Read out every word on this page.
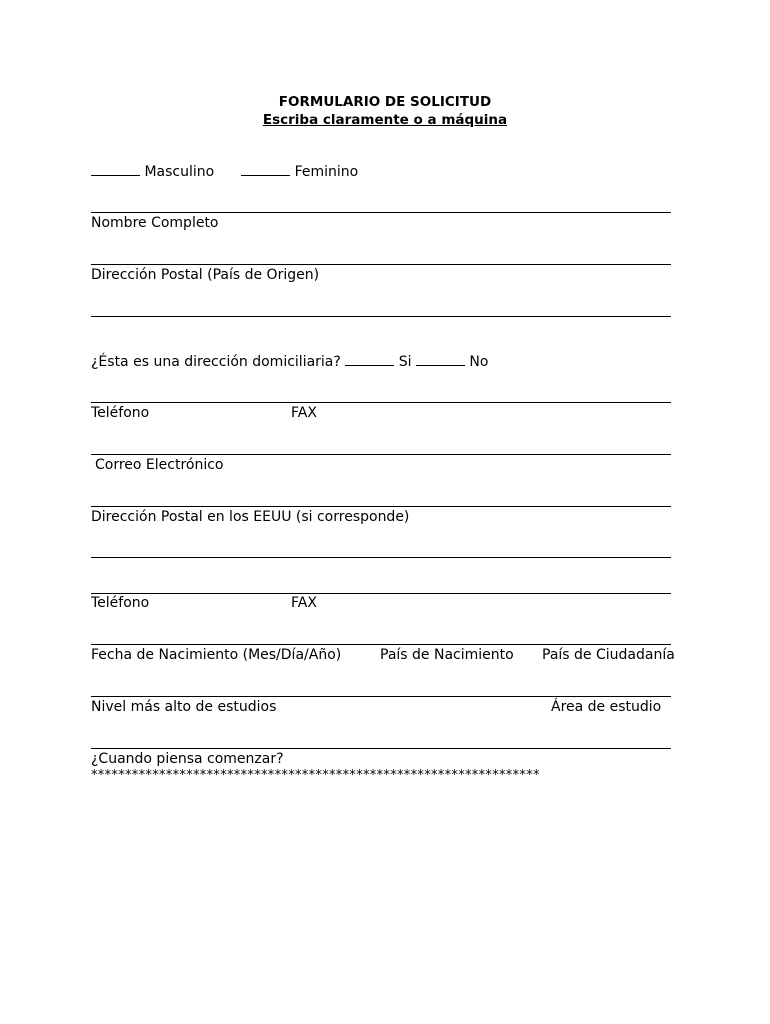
FORMULARIO DE SOLICITUD
Escriba claramente o a máquina
Masculino	Feminino
Nombre Completo
Dirección Postal (País de Origen)
¿Ésta es una dirección domiciliaria?	Si	No
Teléfono	FAX
Correo Electrónico
Dirección Postal en los EEUU (si corresponde)
Teléfono	FAX
Fecha de Nacimiento (Mes/Día/Año)	País de Nacimiento País de Ciudadanía
Nivel más alto de estudios	Área de estudio
¿Cuando piensa comenzar?
******************************************************************
